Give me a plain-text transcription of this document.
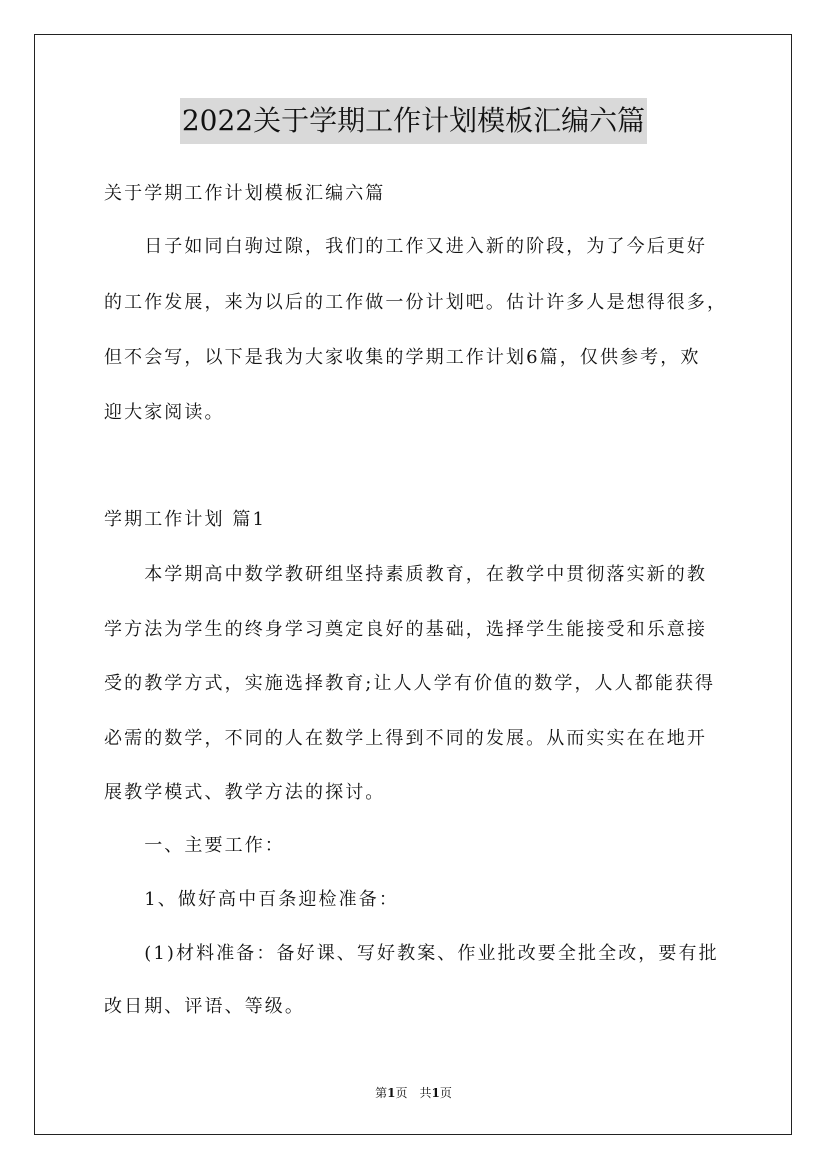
2022关于学期工作计划模板汇编六篇

关于学期工作计划模板汇编六篇

　　日子如同白驹过隙，我们的工作又进入新的阶段，为了今后更好

的工作发展，来为以后的工作做一份计划吧。估计许多人是想得很多，

但不会写，以下是我为大家收集的学期工作计划6篇，仅供参考，欢

迎大家阅读。

学期工作计划 篇1

　　本学期高中数学教研组坚持素质教育，在教学中贯彻落实新的教

学方法为学生的终身学习奠定良好的基础，选择学生能接受和乐意接

受的教学方式，实施选择教育;让人人学有价值的数学，人人都能获得

必需的数学，不同的人在数学上得到不同的发展。从而实实在在地开

展教学模式、教学方法的探讨。

　　一、主要工作：

　　1、做好高中百条迎检准备：

　　(1)材料准备：备好课、写好教案、作业批改要全批全改，要有批

改日期、评语、等级。

第1页　共1页
